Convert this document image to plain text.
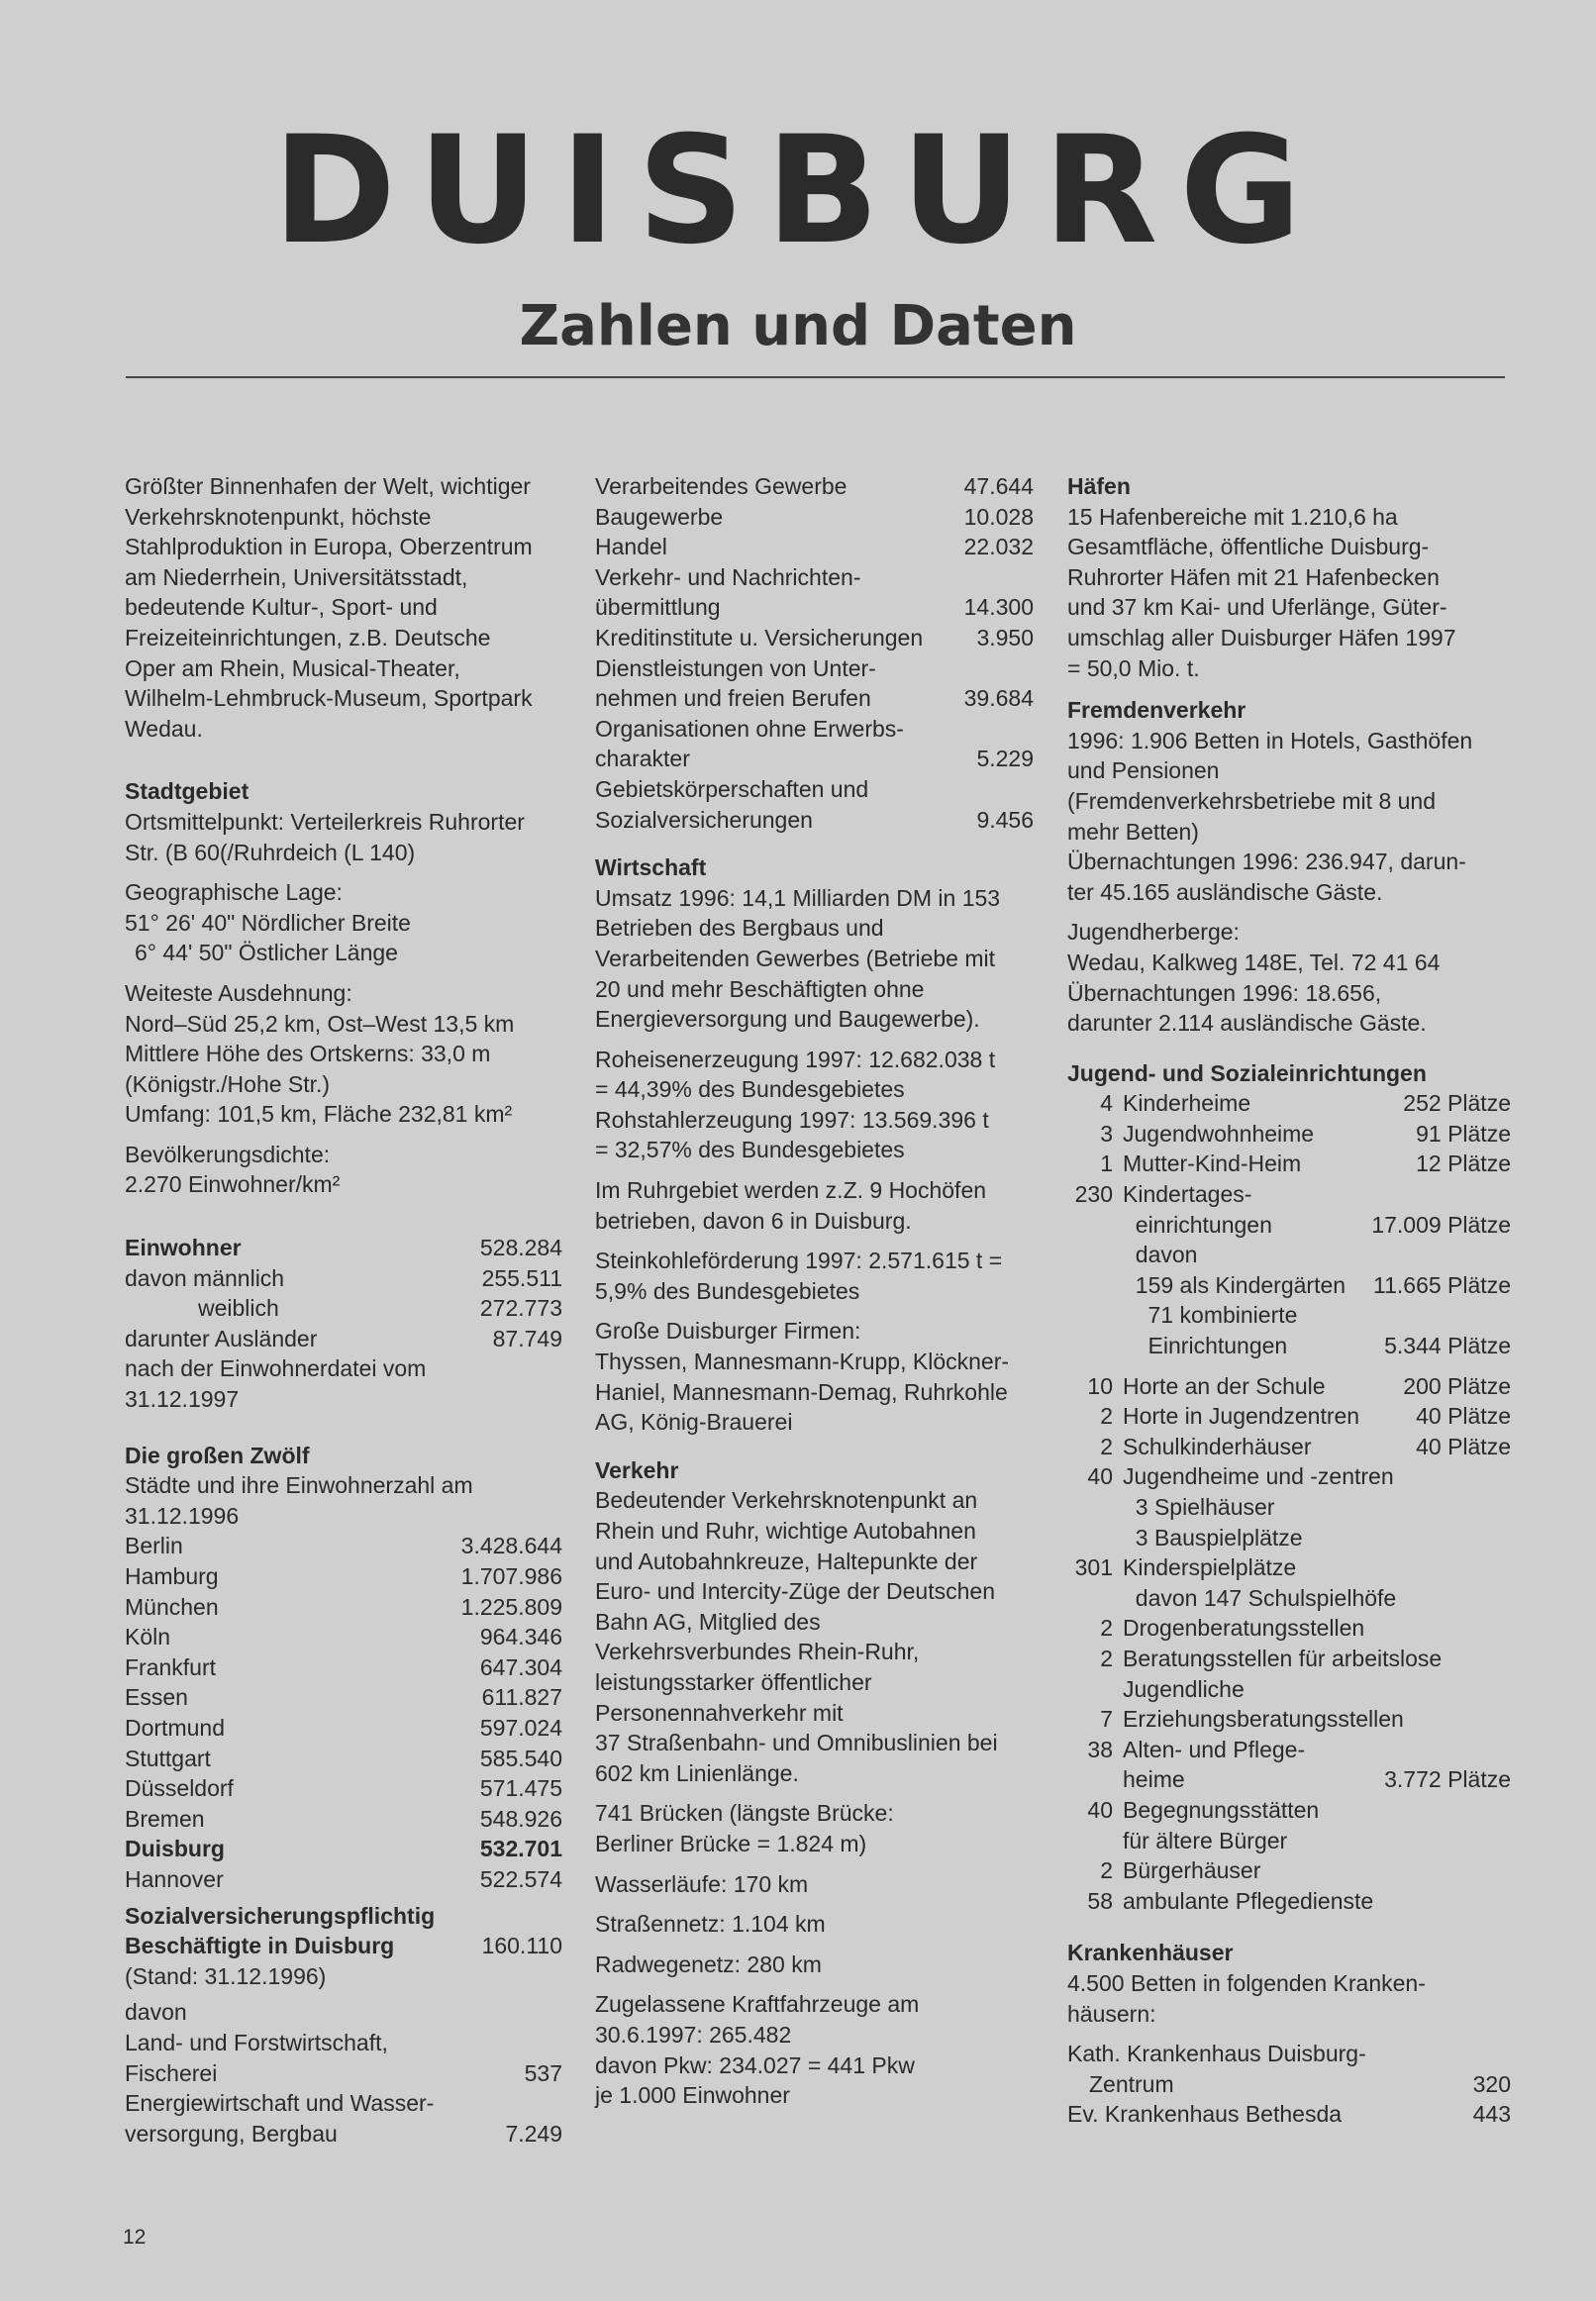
DUISBURG
Zahlen und Daten
Größter Binnenhafen der Welt, wichtiger
Verkehrsknotenpunkt, höchste
Stahlproduktion in Europa, Oberzentrum
am Niederrhein, Universitätsstadt,
bedeutende Kultur-, Sport- und
Freizeiteinrichtungen, z.B. Deutsche
Oper am Rhein, Musical-Theater,
Wilhelm-Lehmbruck-Museum, Sportpark
Wedau.
Stadtgebiet
Ortsmittelpunkt: Verteilerkreis Ruhrorter
Str. (B 60(/Ruhrdeich (L 140)
Geographische Lage:
51° 26' 40" Nördlicher Breite
6° 44' 50" Östlicher Länge
Weiteste Ausdehnung:
Nord–Süd 25,2 km, Ost–West 13,5 km
Mittlere Höhe des Ortskerns: 33,0 m
(Königstr./Hohe Str.)
Umfang: 101,5 km, Fläche 232,81 km²
Bevölkerungsdichte:
2.270 Einwohner/km²
Einwohner	528.284
davon männlich	255.511
weiblich	272.773
darunter Ausländer	87.749
nach der Einwohnerdatei vom
31.12.1997
Die großen Zwölf
Städte und ihre Einwohnerzahl am
31.12.1996
Berlin	3.428.644
Hamburg	1.707.986
München	1.225.809
Köln	964.346
Frankfurt	647.304
Essen	611.827
Dortmund	597.024
Stuttgart	585.540
Düsseldorf	571.475
Bremen	548.926
Duisburg	532.701
Hannover	522.574
Sozialversicherungspflichtig
Beschäftigte in Duisburg	160.110
(Stand: 31.12.1996)
davon
Land- und Forstwirtschaft,
Fischerei	537
Energiewirtschaft und Wasser-
versorgung, Bergbau	7.249
Verarbeitendes Gewerbe	47.644
Baugewerbe	10.028
Handel	22.032
Verkehr- und Nachrichten-
übermittlung	14.300
Kreditinstitute u. Versicherungen	3.950
Dienstleistungen von Unter-
nehmen und freien Berufen	39.684
Organisationen ohne Erwerbs-
charakter	5.229
Gebietskörperschaften und
Sozialversicherungen	9.456
Wirtschaft
Umsatz 1996: 14,1 Milliarden DM in 153
Betrieben des Bergbaus und
Verarbeitenden Gewerbes (Betriebe mit
20 und mehr Beschäftigten ohne
Energieversorgung und Baugewerbe).
Roheisenerzeugung 1997: 12.682.038 t
= 44,39% des Bundesgebietes
Rohstahlerzeugung 1997: 13.569.396 t
= 32,57% des Bundesgebietes
Im Ruhrgebiet werden z.Z. 9 Hochöfen
betrieben, davon 6 in Duisburg.
Steinkohleförderung 1997: 2.571.615 t =
5,9% des Bundesgebietes
Große Duisburger Firmen:
Thyssen, Mannesmann-Krupp, Klöckner-
Haniel, Mannesmann-Demag, Ruhrkohle
AG, König-Brauerei
Verkehr
Bedeutender Verkehrsknotenpunkt an
Rhein und Ruhr, wichtige Autobahnen
und Autobahnkreuze, Haltepunkte der
Euro- und Intercity-Züge der Deutschen
Bahn AG, Mitglied des
Verkehrsverbundes Rhein-Ruhr,
leistungsstarker öffentlicher
Personennahverkehr mit
37 Straßenbahn- und Omnibuslinien bei
602 km Linienlänge.
741 Brücken (längste Brücke:
Berliner Brücke = 1.824 m)
Wasserläufe: 170 km
Straßennetz: 1.104 km
Radwegenetz: 280 km
Zugelassene Kraftfahrzeuge am
30.6.1997: 265.482
davon Pkw: 234.027 = 441 Pkw
je 1.000 Einwohner
Häfen
15 Hafenbereiche mit 1.210,6 ha
Gesamtfläche, öffentliche Duisburg-
Ruhrorter Häfen mit 21 Hafenbecken
und 37 km Kai- und Uferlänge, Güter-
umschlag aller Duisburger Häfen 1997
= 50,0 Mio. t.
Fremdenverkehr
1996: 1.906 Betten in Hotels, Gasthöfen
und Pensionen
(Fremdenverkehrsbetriebe mit 8 und
mehr Betten)
Übernachtungen 1996: 236.947, darun-
ter 45.165 ausländische Gäste.
Jugendherberge:
Wedau, Kalkweg 148E, Tel. 72 41 64
Übernachtungen 1996: 18.656,
darunter 2.114 ausländische Gäste.
Jugend- und Sozialeinrichtungen
4 Kinderheime	252 Plätze
3 Jugendwohnheime	91 Plätze
1 Mutter-Kind-Heim	12 Plätze
230 Kindertages-
einrichtungen	17.009 Plätze
davon
159 als Kindergärten	11.665 Plätze
71 kombinierte
Einrichtungen	5.344 Plätze
10 Horte an der Schule	200 Plätze
2 Horte in Jugendzentren	40 Plätze
2 Schulkinderhäuser	40 Plätze
40 Jugendheime und -zentren
3 Spielhäuser
3 Bauspielplätze
301 Kinderspielplätze
davon 147 Schulspielhöfe
2 Drogenberatungsstellen
2 Beratungsstellen für arbeitslose
Jugendliche
7 Erziehungsberatungsstellen
38 Alten- und Pflege-
heime	3.772 Plätze
40 Begegnungsstätten
für ältere Bürger
2 Bürgerhäuser
58 ambulante Pflegedienste
Krankenhäuser
4.500 Betten in folgenden Kranken-
häusern:
Kath. Krankenhaus Duisburg-
Zentrum	320
Ev. Krankenhaus Bethesda	443
12
